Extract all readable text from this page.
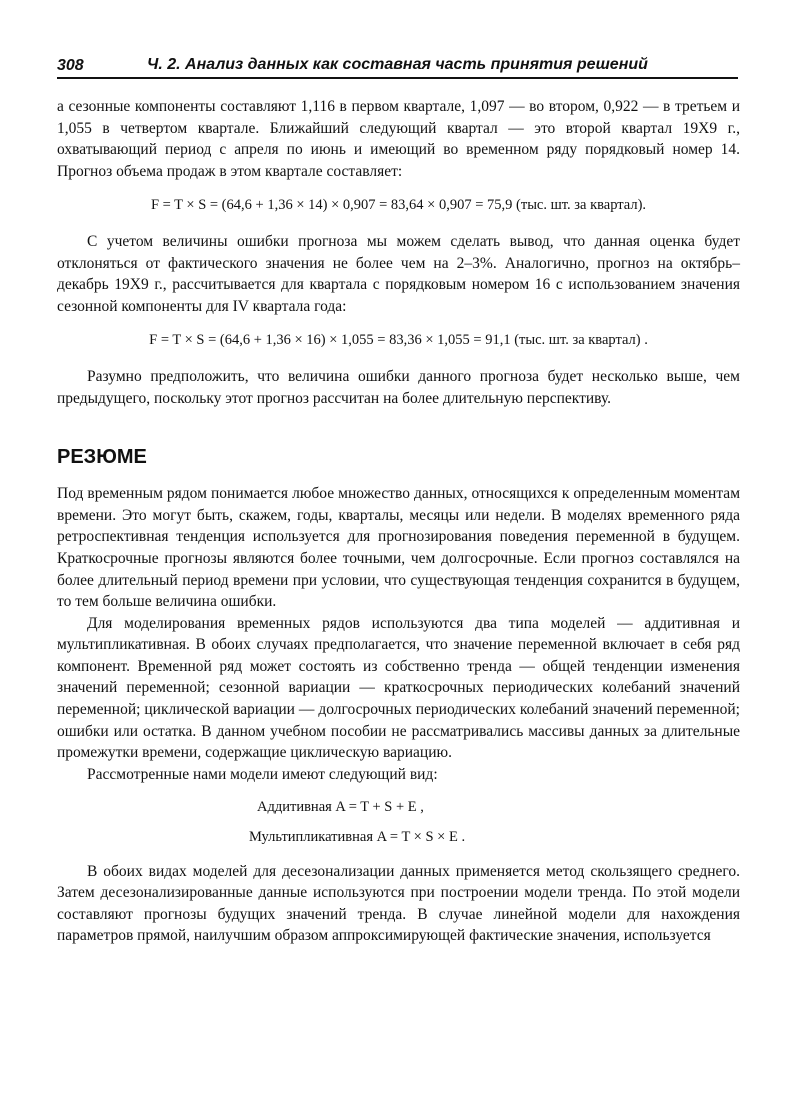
308	Ч. 2. Анализ данных как составная часть принятия решений

а сезонные компоненты составляют 1,116 в первом квартале, 1,097 — во втором, 0,922 — в третьем и 1,055 в четвертом квартале. Ближайший следующий квартал — это второй квартал 19Х9 г., охватывающий период с апреля по июнь и имеющий во временном ряду порядковый номер 14. Прогноз объема продаж в этом квартале составляет:

F = T × S = (64,6 + 1,36 × 14) × 0,907 = 83,64 × 0,907 = 75,9 (тыс. шт. за квартал).

С учетом величины ошибки прогноза мы можем сделать вывод, что данная оценка будет отклоняться от фактического значения не более чем на 2–3%. Аналогично, прогноз на октябрь–декабрь 19Х9 г., рассчитывается для квартала с порядковым номером 16 с использованием значения сезонной компоненты для IV квартала года:

F = T × S = (64,6 + 1,36 × 16) × 1,055 = 83,36 × 1,055 = 91,1 (тыс. шт. за квартал) .

Разумно предположить, что величина ошибки данного прогноза будет несколько выше, чем предыдущего, поскольку этот прогноз рассчитан на более длительную перспективу.

РЕЗЮМЕ

Под временным рядом понимается любое множество данных, относящихся к определенным моментам времени. Это могут быть, скажем, годы, кварталы, месяцы или недели. В моделях временного ряда ретроспективная тенденция используется для прогнозирования поведения переменной в будущем. Краткосрочные прогнозы являются более точными, чем долгосрочные. Если прогноз составлялся на более длительный период времени при условии, что существующая тенденция сохранится в будущем, то тем больше величина ошибки.

Для моделирования временных рядов используются два типа моделей — аддитивная и мультипликативная. В обоих случаях предполагается, что значение переменной включает в себя ряд компонент. Временной ряд может состоять из собственно тренда — общей тенденции изменения значений переменной; сезонной вариации — краткосрочных периодических колебаний значений переменной; циклической вариации — долгосрочных периодических колебаний значений переменной; ошибки или остатка. В данном учебном пособии не рассматривались массивы данных за длительные промежутки времени, содержащие циклическую вариацию.

Рассмотренные нами модели имеют следующий вид:

Аддитивная A = T + S + E ,
Мультипликативная A = T × S × E .

В обоих видах моделей для десезонализации данных применяется метод скользящего среднего. Затем десезонализированные данные используются при построении модели тренда. По этой модели составляют прогнозы будущих значений тренда. В случае линейной модели для нахождения параметров прямой, наилучшим образом аппроксимирующей фактические значения, используется
